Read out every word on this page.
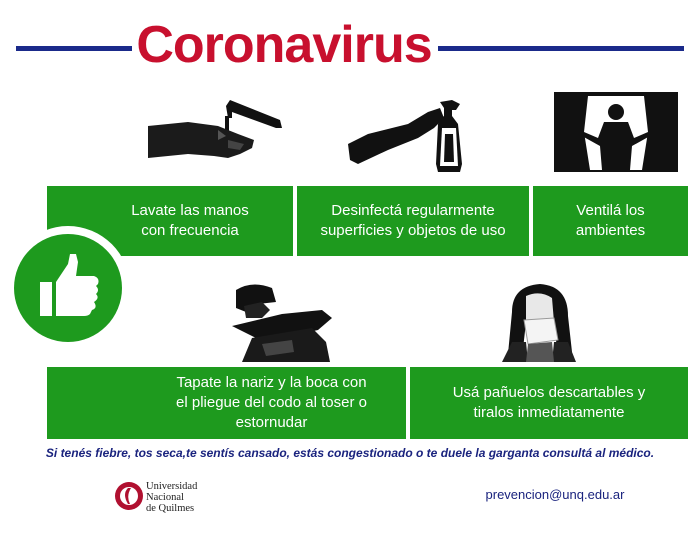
Coronavirus
Lavate las manos
con frecuencia
Desinfectá regularmente
superficies y objetos de uso
Ventilá los
ambientes
Tapate la nariz y la boca con
el pliegue del codo al toser o
estornudar
Usá pañuelos descartables y
tiralos inmediatamente
Si tenés fiebre, tos seca,te sentís cansado, estás congestionado o te duele la garganta consultá al médico.
Universidad
Nacional
de Quilmes
prevencion@unq.edu.ar
